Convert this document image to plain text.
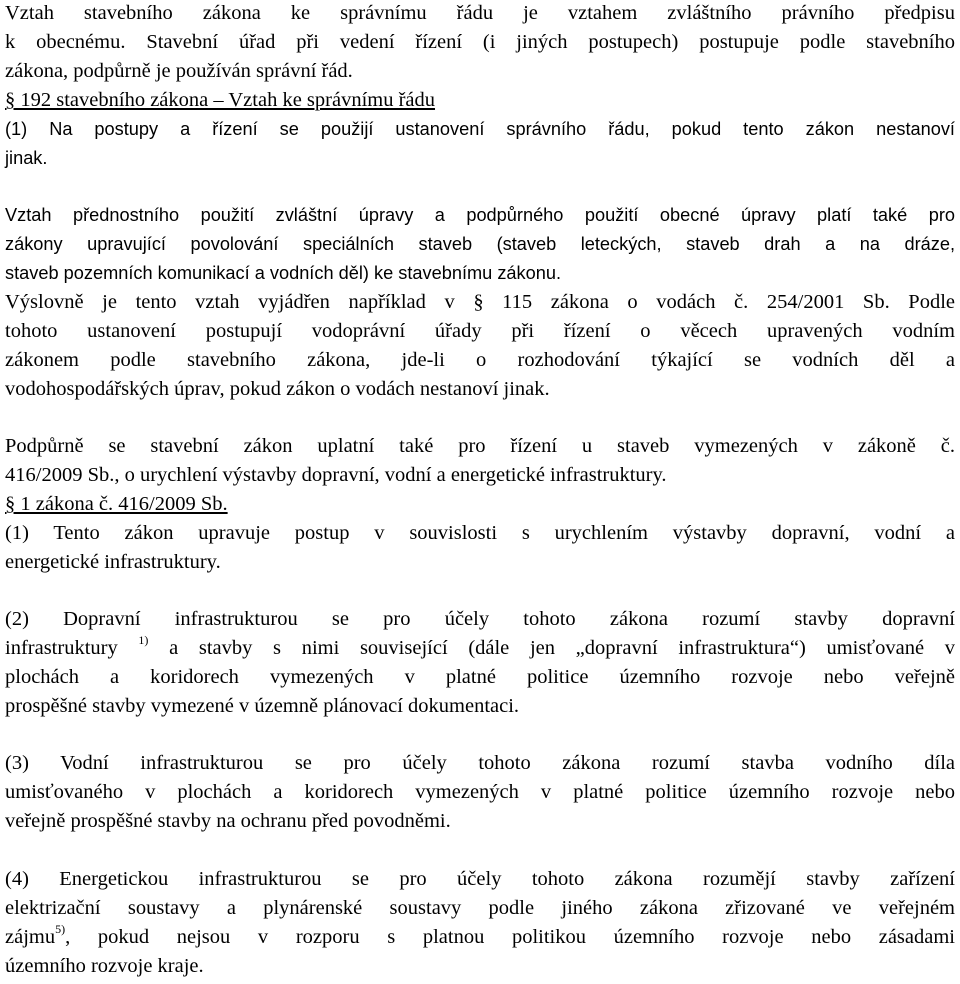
Vztah stavebního zákona ke správnímu řádu je vztahem zvláštního právního předpisu
k obecnému. Stavební úřad při vedení řízení (i jiných postupech) postupuje podle stavebního
zákona, podpůrně je používán správní řád.
§ 192 stavebního zákona – Vztah ke správnímu řádu
(1) Na postupy a řízení se použijí ustanovení správního řádu, pokud tento zákon nestanoví
jinak.
Vztah přednostního použití zvláštní úpravy a podpůrného použití obecné úpravy platí také pro
zákony upravující povolování speciálních staveb (staveb leteckých, staveb drah a na dráze,
staveb pozemních komunikací a vodních děl) ke stavebnímu zákonu.
Výslovně je tento vztah vyjádřen například v § 115 zákona o vodách č. 254/2001 Sb. Podle
tohoto ustanovení postupují vodoprávní úřady při řízení o věcech upravených vodním
zákonem podle stavebního zákona, jde-li o rozhodování týkající se vodních děl a
vodohospodářských úprav, pokud zákon o vodách nestanoví jinak.
Podpůrně se stavební zákon uplatní také pro řízení u staveb vymezených v zákoně č.
416/2009 Sb., o urychlení výstavby dopravní, vodní a energetické infrastruktury.
§ 1 zákona č. 416/2009 Sb.
(1) Tento zákon upravuje postup v souvislosti s urychlením výstavby dopravní, vodní a
energetické infrastruktury.
(2) Dopravní infrastrukturou se pro účely tohoto zákona rozumí stavby dopravní
infrastruktury $^{1)}$ a stavby s nimi související (dále jen „dopravní infrastruktura“) umisťované v
plochách a koridorech vymezených v platné politice územního rozvoje nebo veřejně
prospěšné stavby vymezené v územně plánovací dokumentaci.
(3) Vodní infrastrukturou se pro účely tohoto zákona rozumí stavba vodního díla
umisťovaného v plochách a koridorech vymezených v platné politice územního rozvoje nebo
veřejně prospěšné stavby na ochranu před povodněmi.
(4) Energetickou infrastrukturou se pro účely tohoto zákona rozumějí stavby zařízení
elektrizační soustavy a plynárenské soustavy podle jiného zákona zřizované ve veřejném
zájmu$^{5)}$, pokud nejsou v rozporu s platnou politikou územního rozvoje nebo zásadami
územního rozvoje kraje.
